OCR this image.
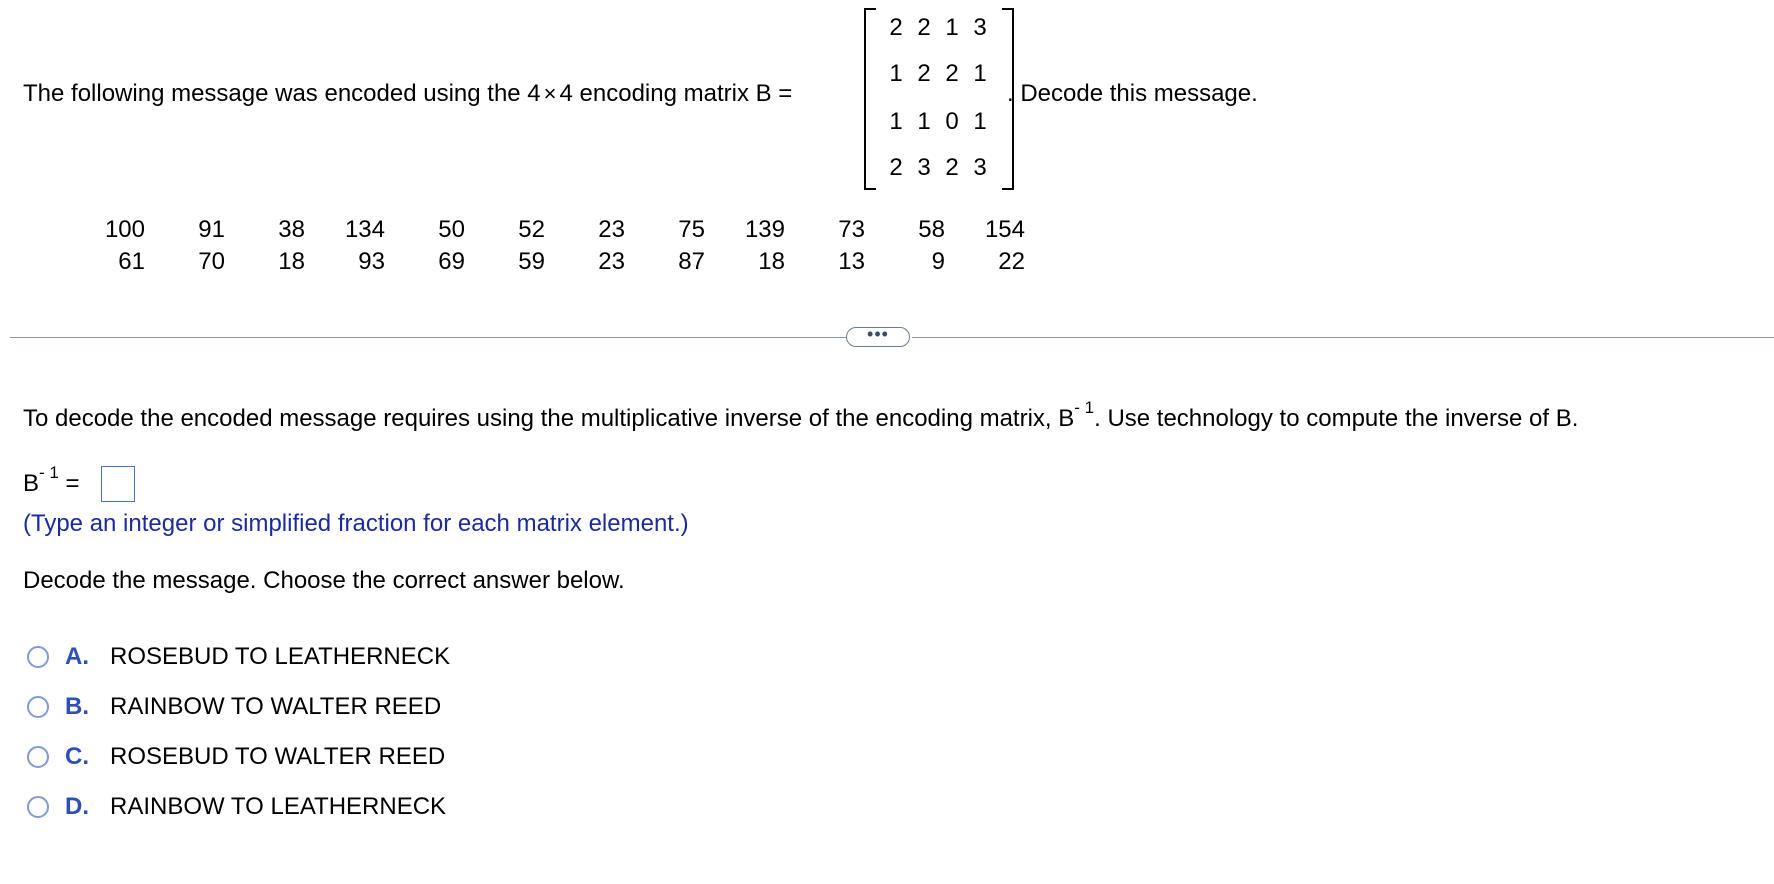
The following message was encoded using the 4 × 4 encoding matrix B =
2 2 1 3
1 2 2 1
1 1 0 1
2 3 2 3
. Decode this message.
100	91	38	134	50	52	23	75	139	73	58	154
61	70	18	93	69	59	23	87	18	13	9	22
•••
To decode the encoded message requires using the multiplicative inverse of the encoding matrix, $B^{- 1}$. Use technology to compute the inverse of B.
$B^{- 1}$ =
(Type an integer or simplified fraction for each matrix element.)
Decode the message. Choose the correct answer below.
A. ROSEBUD TO LEATHERNECK
B. RAINBOW TO WALTER REED
C. ROSEBUD TO WALTER REED
D. RAINBOW TO LEATHERNECK
